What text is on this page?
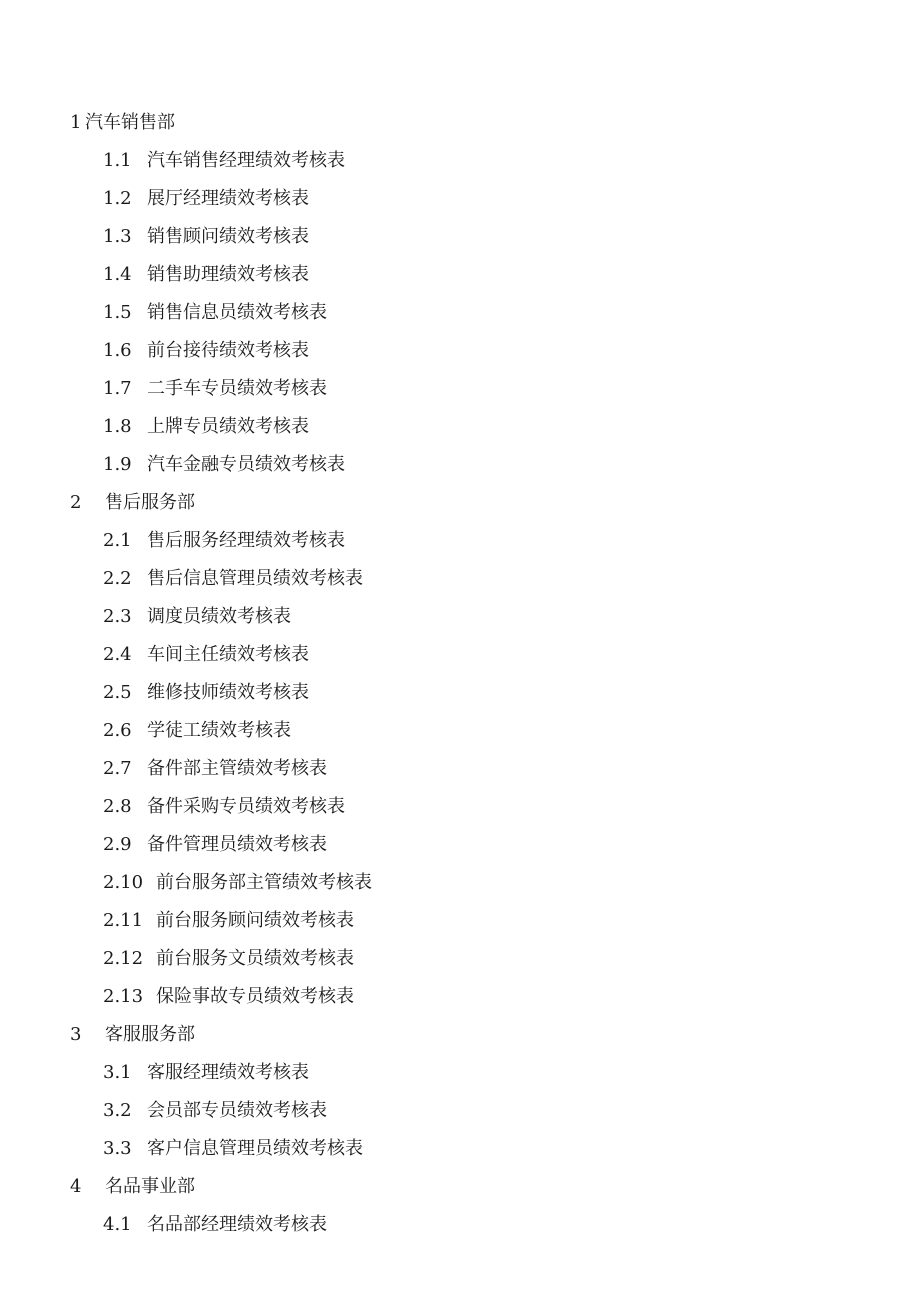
1 汽车销售部
1.1 汽车销售经理绩效考核表
1.2 展厅经理绩效考核表
1.3 销售顾问绩效考核表
1.4 销售助理绩效考核表
1.5 销售信息员绩效考核表
1.6 前台接待绩效考核表
1.7 二手车专员绩效考核表
1.8 上牌专员绩效考核表
1.9 汽车金融专员绩效考核表
2 售后服务部
2.1 售后服务经理绩效考核表
2.2 售后信息管理员绩效考核表
2.3 调度员绩效考核表
2.4 车间主任绩效考核表
2.5 维修技师绩效考核表
2.6 学徒工绩效考核表
2.7 备件部主管绩效考核表
2.8 备件采购专员绩效考核表
2.9 备件管理员绩效考核表
2.10 前台服务部主管绩效考核表
2.11 前台服务顾问绩效考核表
2.12 前台服务文员绩效考核表
2.13 保险事故专员绩效考核表
3 客服服务部
3.1 客服经理绩效考核表
3.2 会员部专员绩效考核表
3.3 客户信息管理员绩效考核表
4 名品事业部
4.1 名品部经理绩效考核表
